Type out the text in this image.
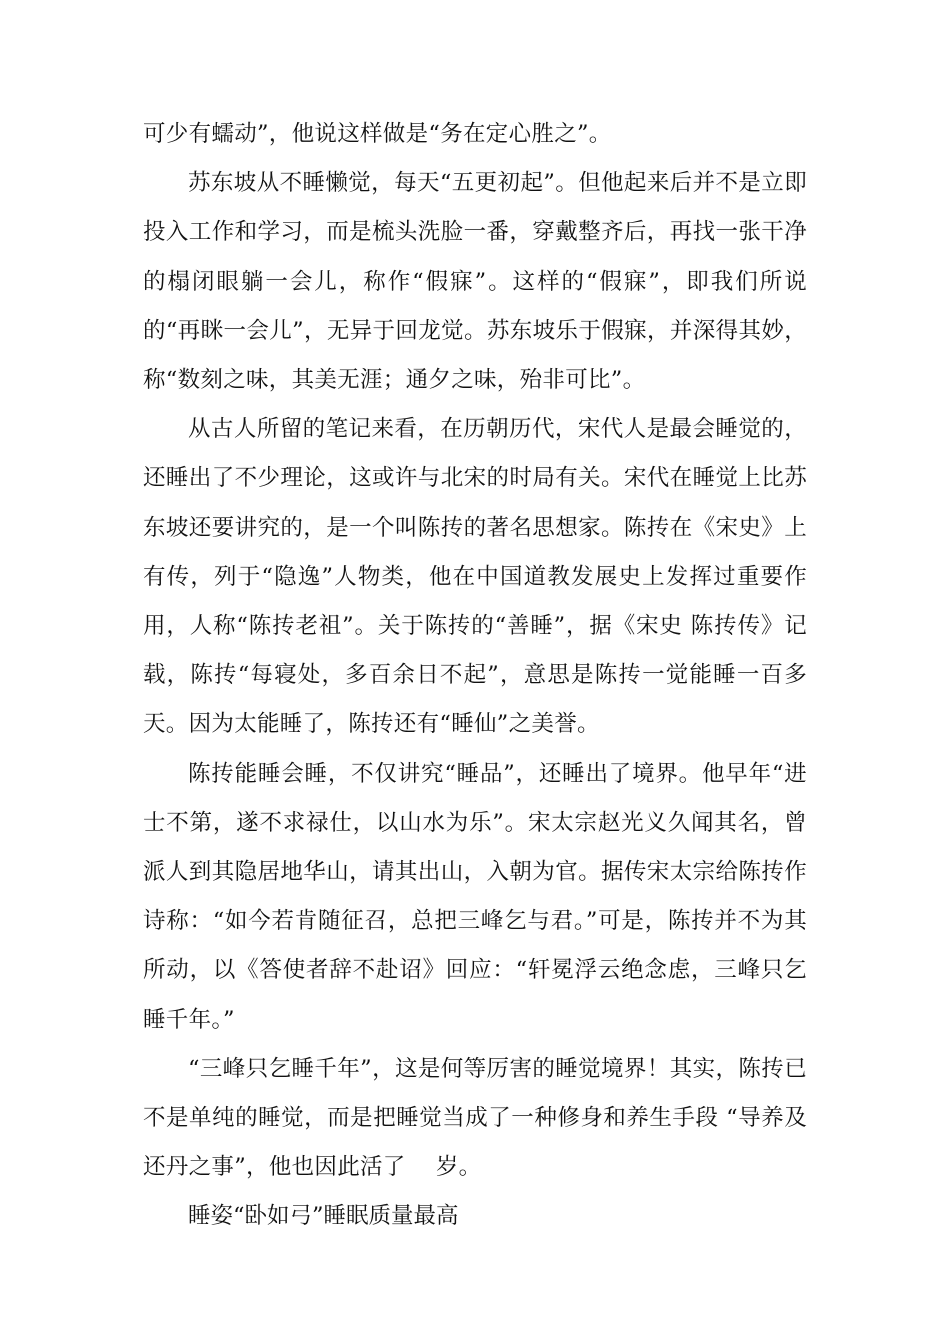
可少有蠕动”，他说这样做是“务在定心胜之”。

苏东坡从不睡懒觉，每天“五更初起”。但他起来后并不是立即投入工作和学习，而是梳头洗脸一番，穿戴整齐后，再找一张干净的榻闭眼躺一会儿，称作“假寐”。这样的“假寐”，即我们所说的“再眯一会儿”，无异于回龙觉。苏东坡乐于假寐，并深得其妙，称“数刻之味，其美无涯；通夕之味，殆非可比”。

从古人所留的笔记来看，在历朝历代，宋代人是最会睡觉的，还睡出了不少理论，这或许与北宋的时局有关。宋代在睡觉上比苏东坡还要讲究的，是一个叫陈抟的著名思想家。陈抟在《宋史》上有传，列于“隐逸”人物类，他在中国道教发展史上发挥过重要作用，人称“陈抟老祖”。关于陈抟的“善睡”，据《宋史 陈抟传》记载，陈抟“每寝处，多百余日不起”，意思是陈抟一觉能睡一百多天。因为太能睡了，陈抟还有“睡仙”之美誉。

陈抟能睡会睡，不仅讲究“睡品”，还睡出了境界。他早年“进士不第，遂不求禄仕，以山水为乐”。宋太宗赵光义久闻其名，曾派人到其隐居地华山，请其出山，入朝为官。据传宋太宗给陈抟作诗称：“如今若肯随征召，总把三峰乞与君。”可是，陈抟并不为其所动，以《答使者辞不赴诏》回应：“轩冕浮云绝念虑，三峰只乞睡千年。”

“三峰只乞睡千年”，这是何等厉害的睡觉境界！其实，陈抟已不是单纯的睡觉，而是把睡觉当成了一种修身和养生手段 “导养及还丹之事”，他也因此活了　 岁。

睡姿“卧如弓”睡眠质量最高
